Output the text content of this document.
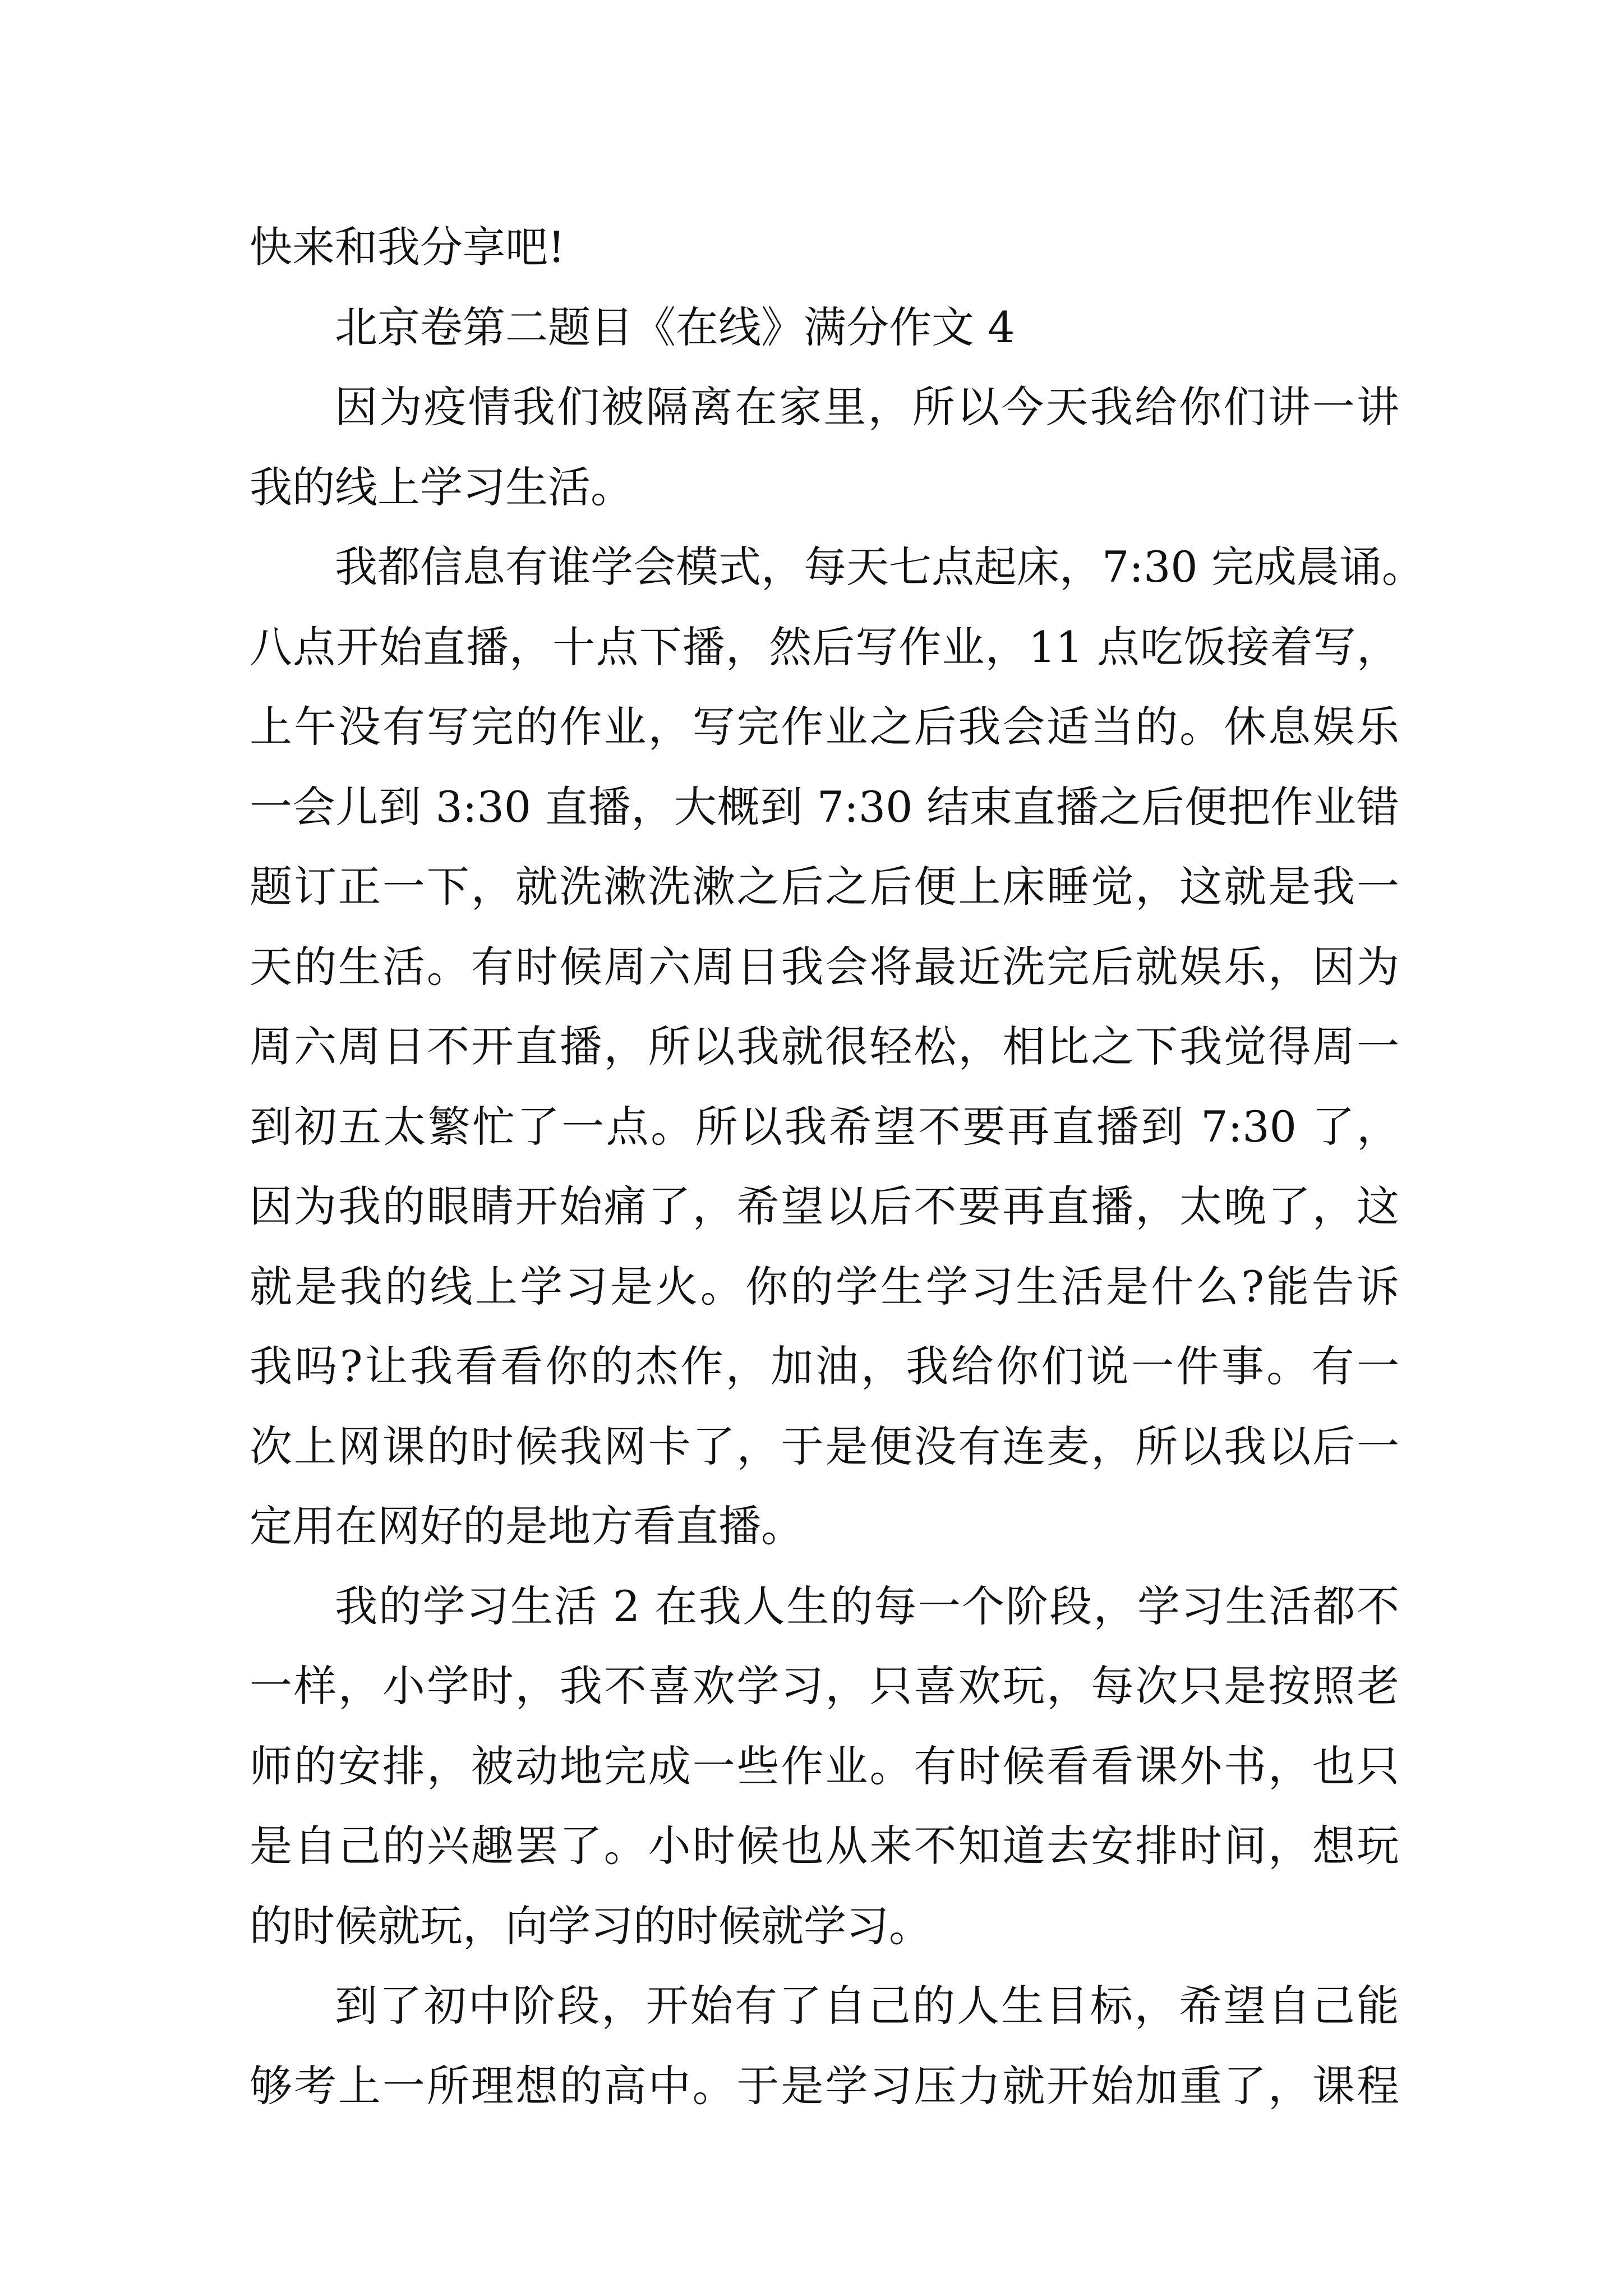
快来和我分享吧!
北京卷第二题目《在线》满分作文 4
因为疫情我们被隔离在家里，所以今天我给你们讲一讲
我的线上学习生活。
我都信息有谁学会模式，每天七点起床，7:30 完成晨诵。
八点开始直播，十点下播，然后写作业，11 点吃饭接着写，
上午没有写完的作业，写完作业之后我会适当的。休息娱乐
一会儿到 3:30 直播，大概到 7:30 结束直播之后便把作业错
题订正一下，就洗漱洗漱之后之后便上床睡觉，这就是我一
天的生活。有时候周六周日我会将最近洗完后就娱乐，因为
周六周日不开直播，所以我就很轻松，相比之下我觉得周一
到初五太繁忙了一点。所以我希望不要再直播到 7:30 了，
因为我的眼睛开始痛了，希望以后不要再直播，太晚了，这
就是我的线上学习是火。你的学生学习生活是什么?能告诉
我吗?让我看看你的杰作，加油，我给你们说一件事。有一
次上网课的时候我网卡了，于是便没有连麦，所以我以后一
定用在网好的是地方看直播。
我的学习生活 2 在我人生的每一个阶段，学习生活都不
一样，小学时，我不喜欢学习，只喜欢玩，每次只是按照老
师的安排，被动地完成一些作业。有时候看看课外书，也只
是自己的兴趣罢了。小时候也从来不知道去安排时间，想玩
的时候就玩，向学习的时候就学习。
到了初中阶段，开始有了自己的人生目标，希望自己能
够考上一所理想的高中。于是学习压力就开始加重了，课程
